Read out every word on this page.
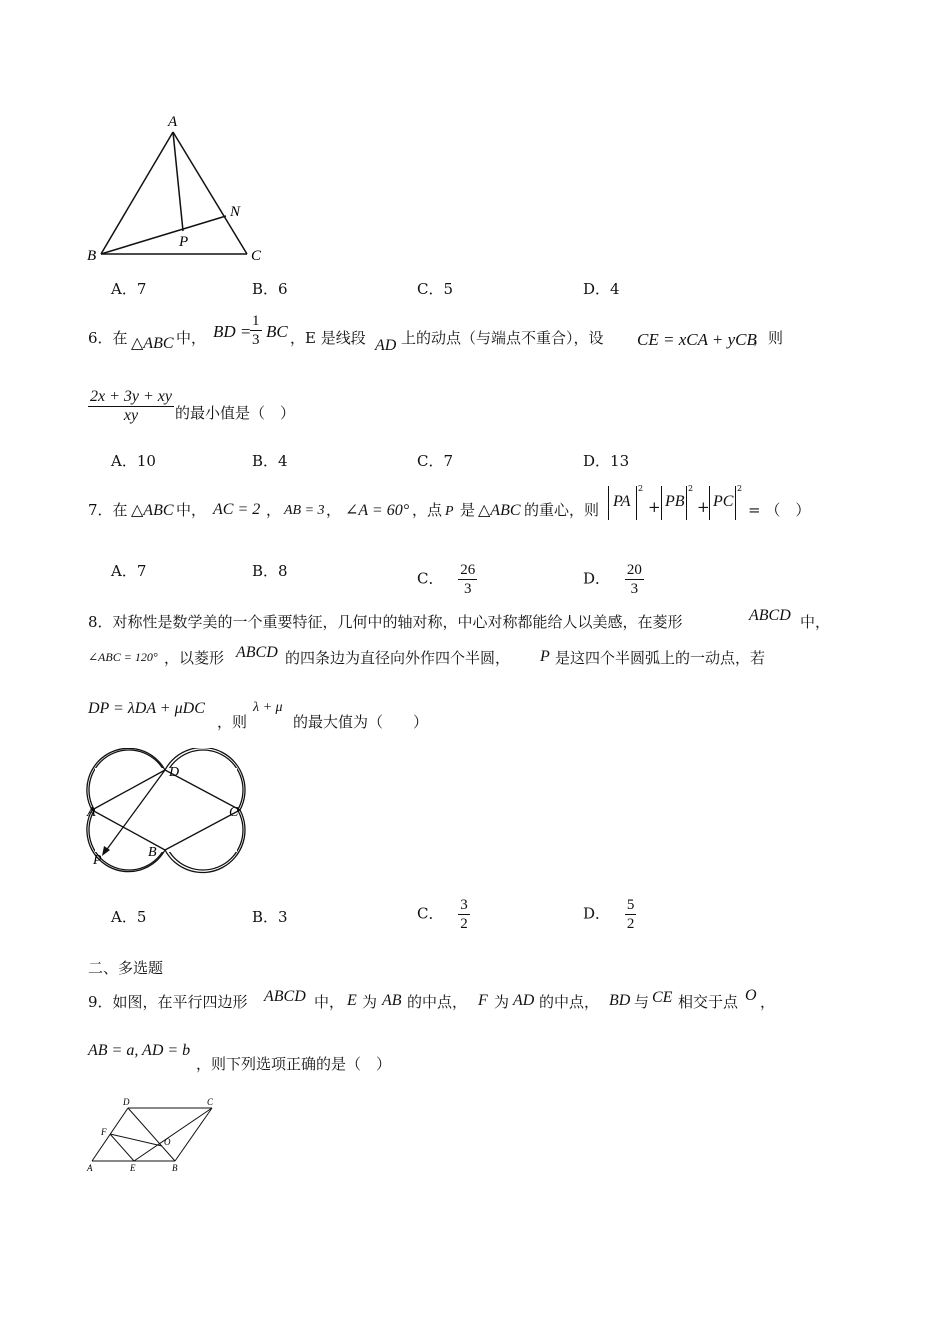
A
N
P
B	C
A．7	B．6	C．5	D．4
6．在 △ABC 中， BD =
$\frac{1}{3}$ BC ，E 是线段 AD 上的动点（与端点不重合），设 CE = xCA + yCB
，则
$\frac{2x + 3y + xy}{xy}$ 的最小值是（　）
A．10	B．4	C．7	D．13
7．在 △ABC 中， AC = 2 ， AB = 3 ， ∠A = 60° ，点 P 是 △ABC 的重心，则 PA
2
+ PB
2
+ PC
2
= （　）
A．7	B．8	C． $\frac{26}{3}$	D． $\frac{20}{3}$
8．对称性是数学美的一个重要特征，几何中的轴对称，中心对称都能给人以美感，在菱形	ABCD 中，
∠ABC = 120° ，以菱形 ABCD 的四条边为直径向外作四个半圆， P 是这四个半圆弧上的一动点，若
DP = λDA + μDC
，则
λ + μ
的最大值为（　　）
D
A	C
B
P
A．5	B．3	C． $\frac{3}{2}$	D． $\frac{5}{2}$
二、多选题
9．如图，在平行四边形 ABCD 中， E 为 AB 的中点， F 为 AD 的中点， BD 与 CE 相交于点 O ，
AB = a, AD = b
，则下列选项正确的是（　）
D	C
F
O
A	E	B
